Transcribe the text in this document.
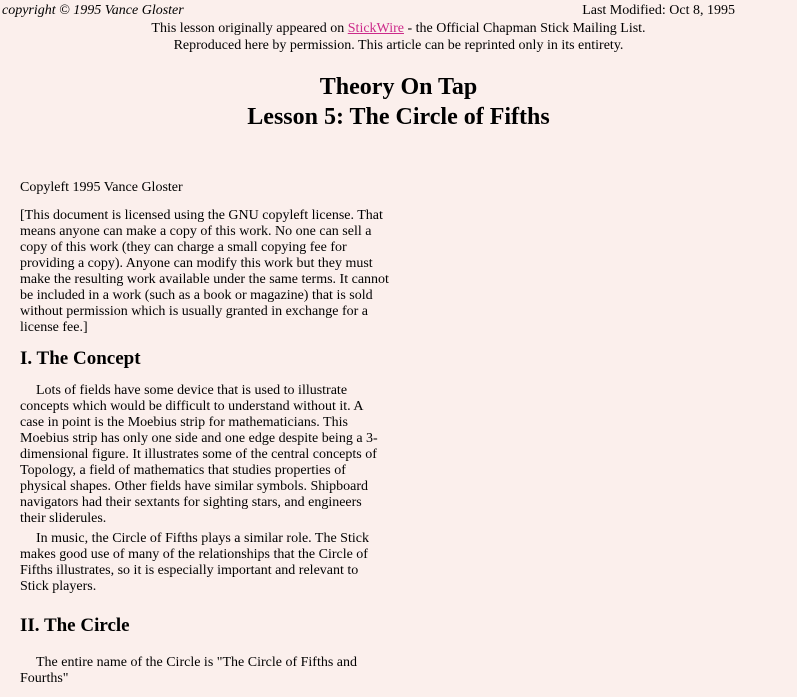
copyright © 1995 Vance Gloster	Last Modified: Oct 8, 1995
This lesson originally appeared on StickWire - the Official Chapman Stick Mailing List.
Reproduced here by permission. This article can be reprinted only in its entirety.
Theory On Tap
Lesson 5: The Circle of Fifths

Copyleft 1995 Vance Gloster

[This document is licensed using the GNU copyleft license. That means anyone can make a copy of this work. No one can sell a copy of this work (they can charge a small copying fee for providing a copy). Anyone can modify this work but they must make the resulting work available under the same terms. It cannot be included in a work (such as a book or magazine) that is sold without permission which is usually granted in exchange for a license fee.]

I. The Concept

Lots of fields have some device that is used to illustrate concepts which would be difficult to understand without it. A case in point is the Moebius strip for mathematicians. This Moebius strip has only one side and one edge despite being a 3-dimensional figure. It illustrates some of the central concepts of Topology, a field of mathematics that studies properties of physical shapes. Other fields have similar symbols. Shipboard navigators had their sextants for sighting stars, and engineers their sliderules.

In music, the Circle of Fifths plays a similar role. The Stick makes good use of many of the relationships that the Circle of Fifths illustrates, so it is especially important and relevant to Stick players.

II. The Circle

The entire name of the Circle is "The Circle of Fifths and Fourths"
